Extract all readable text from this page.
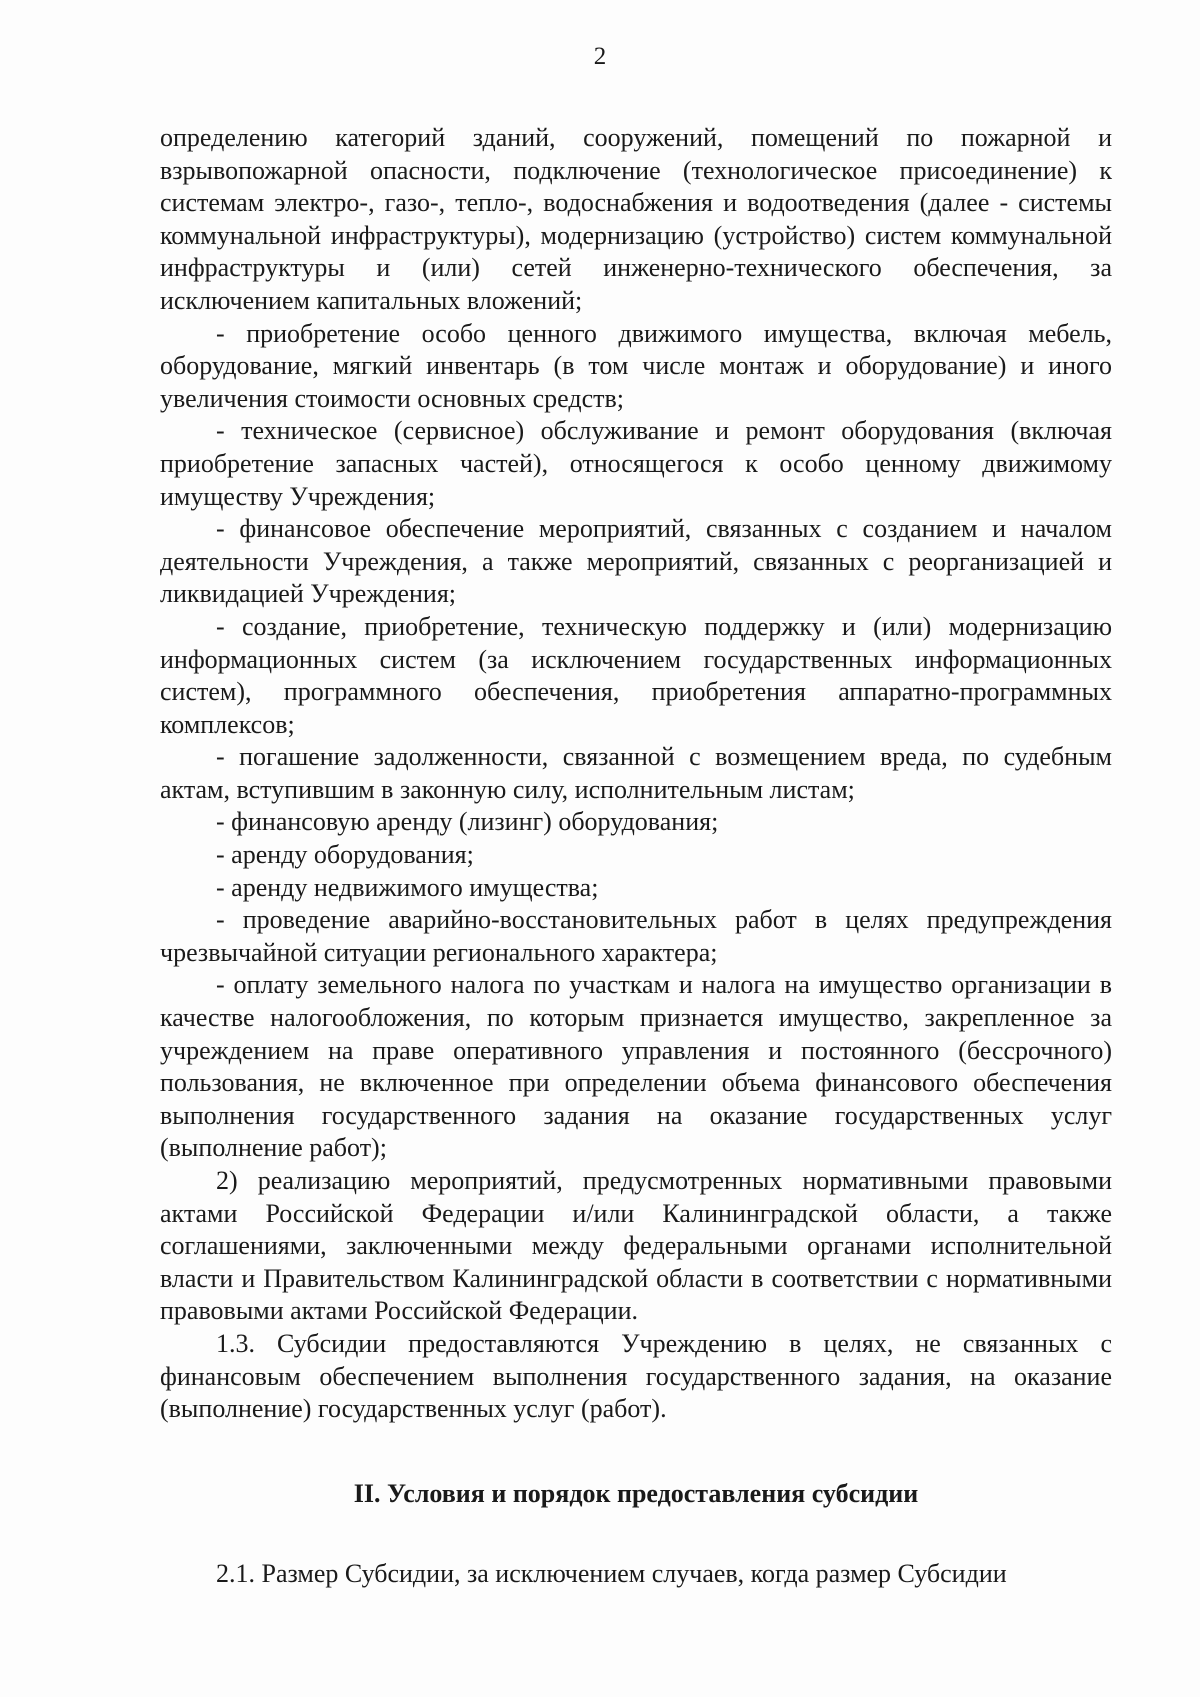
2

определению категорий зданий, сооружений, помещений по пожарной и взрывопожарной опасности, подключение (технологическое присоединение) к системам электро-, газо-, тепло-, водоснабжения и водоотведения (далее - системы коммунальной инфраструктуры), модернизацию (устройство) систем коммунальной инфраструктуры и (или) сетей инженерно-технического обеспечения, за исключением капитальных вложений;

- приобретение особо ценного движимого имущества, включая мебель, оборудование, мягкий инвентарь (в том числе монтаж и оборудование) и иного увеличения стоимости основных средств;

- техническое (сервисное) обслуживание и ремонт оборудования (включая приобретение запасных частей), относящегося к особо ценному движимому имуществу Учреждения;

- финансовое обеспечение мероприятий, связанных с созданием и началом деятельности Учреждения, а также мероприятий, связанных с реорганизацией и ликвидацией Учреждения;

- создание, приобретение, техническую поддержку и (или) модернизацию информационных систем (за исключением государственных информационных систем), программного обеспечения, приобретения аппаратно-программных комплексов;

- погашение задолженности, связанной с возмещением вреда, по судебным актам, вступившим в законную силу, исполнительным листам;

- финансовую аренду (лизинг) оборудования;

- аренду оборудования;

- аренду недвижимого имущества;

- проведение аварийно-восстановительных работ в целях предупреждения чрезвычайной ситуации регионального характера;

- оплату земельного налога по участкам и налога на имущество организации в качестве налогообложения, по которым признается имущество, закрепленное за учреждением на праве оперативного управления и постоянного (бессрочного) пользования, не включенное при определении объема финансового обеспечения выполнения государственного задания на оказание государственных услуг (выполнение работ);

2) реализацию мероприятий, предусмотренных нормативными правовыми актами Российской Федерации и/или Калининградской области, а также соглашениями, заключенными между федеральными органами исполнительной власти и Правительством Калининградской области в соответствии с нормативными правовыми актами Российской Федерации.

1.3. Субсидии предоставляются Учреждению в целях, не связанных с финансовым обеспечением выполнения государственного задания, на оказание (выполнение) государственных услуг (работ).

II. Условия и порядок предоставления субсидии

2.1. Размер Субсидии, за исключением случаев, когда размер Субсидии
